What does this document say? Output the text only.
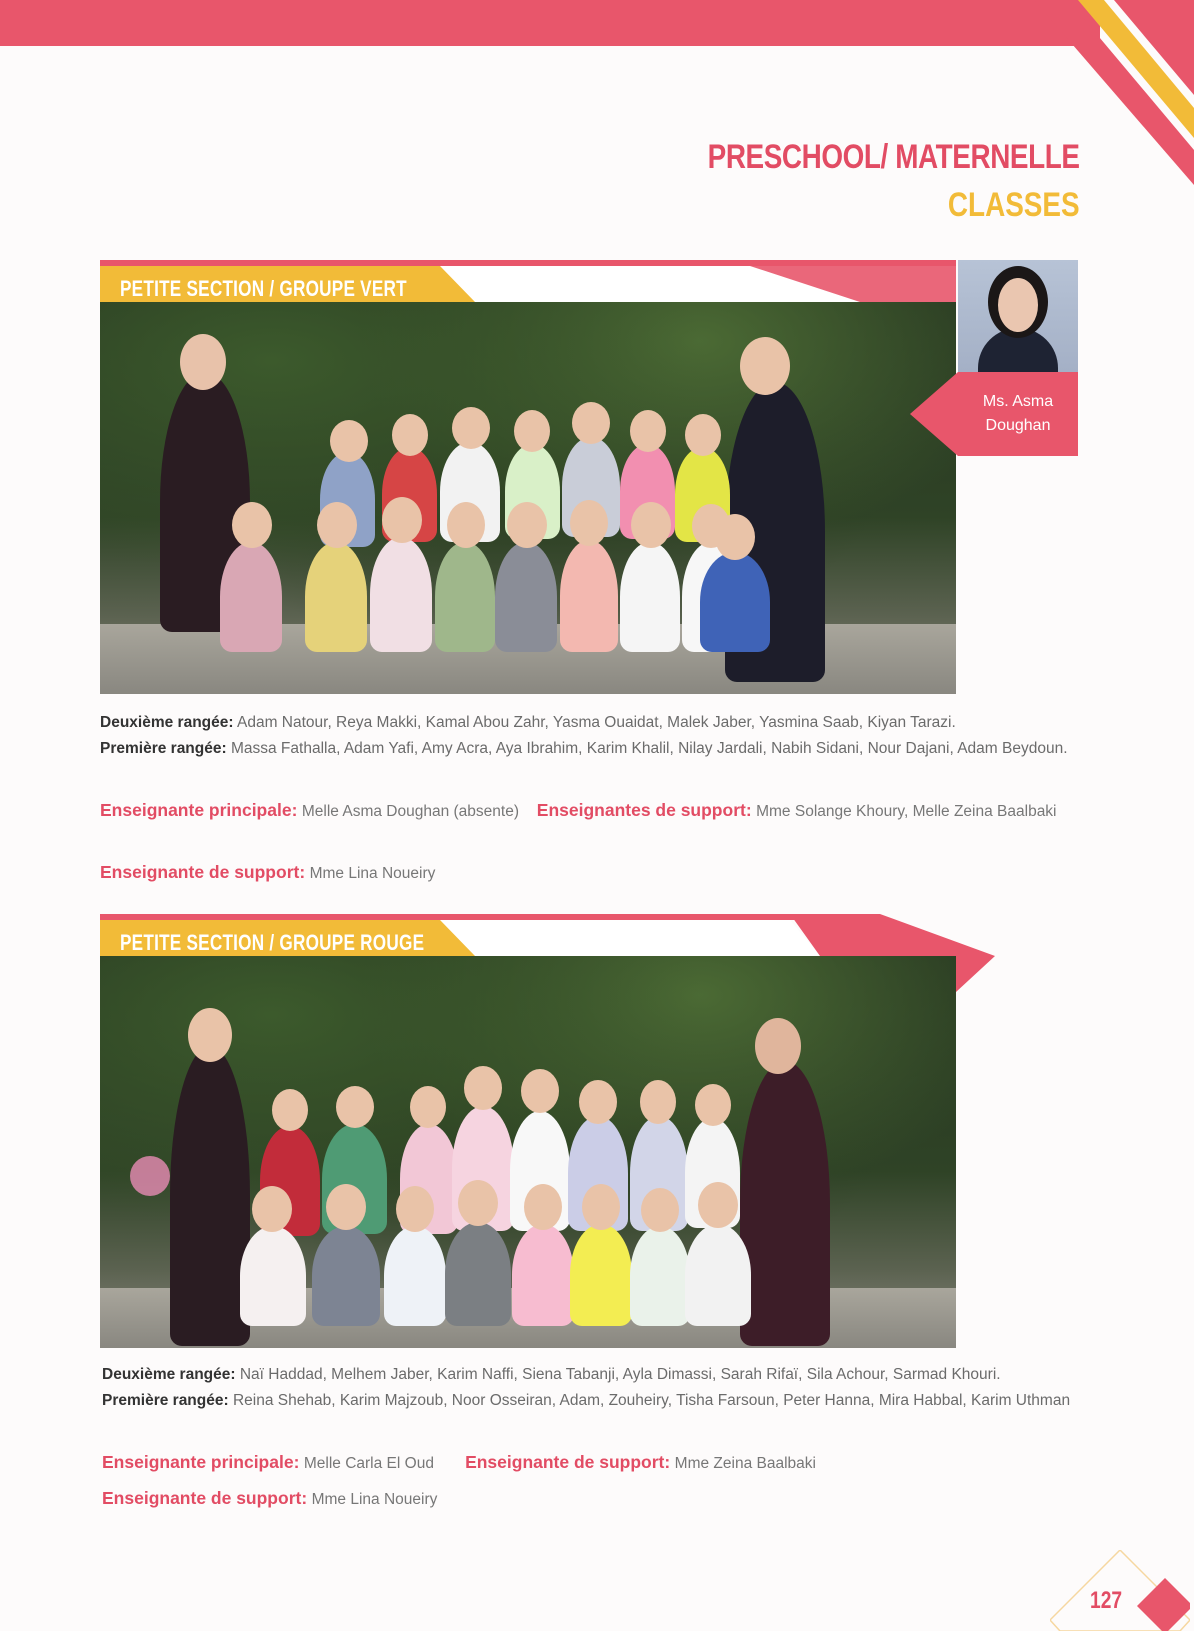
PRESCHOOL/ MATERNELLE
CLASSES
PETITE SECTION / GROUPE VERT
Ms. Asma
Doughan
Deuxième rangée: Adam Natour, Reya Makki, Kamal Abou Zahr, Yasma Ouaidat, Malek Jaber, Yasmina Saab, Kiyan Tarazi.
Première rangée: Massa Fathalla, Adam Yafi, Amy Acra, Aya Ibrahim, Karim Khalil, Nilay Jardali, Nabih Sidani, Nour Dajani, Adam Beydoun.
Enseignante principale: Melle Asma Doughan (absente) Enseignantes de support: Mme Solange Khoury, Melle Zeina Baalbaki
Enseignante de support: Mme Lina Noueiry
PETITE SECTION / GROUPE ROUGE
Deuxième rangée: Naï Haddad, Melhem Jaber, Karim Naffi, Siena Tabanji, Ayla Dimassi, Sarah Rifaï, Sila Achour, Sarmad Khouri.
Première rangée: Reina Shehab, Karim Majzoub, Noor Osseiran, Adam, Zouheiry, Tisha Farsoun, Peter Hanna, Mira Habbal, Karim Uthman
Enseignante principale: Melle Carla El Oud Enseignante de support: Mme Zeina Baalbaki
Enseignante de support: Mme Lina Noueiry
127
